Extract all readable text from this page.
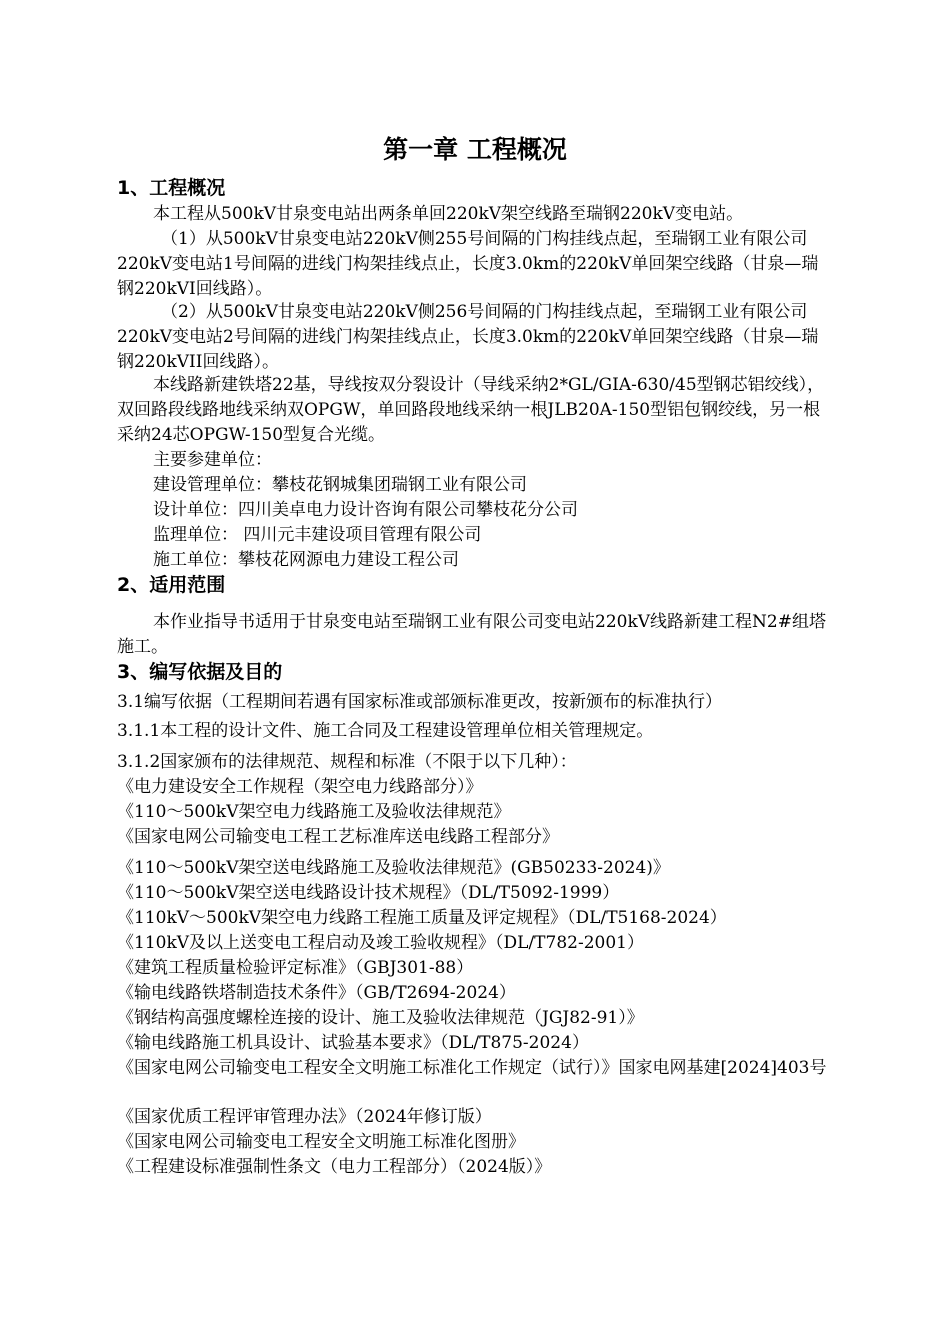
第一章 工程概况
1、工程概况

本工程从500kV甘泉变电站出两条单回220kV架空线路至瑞钢220kV变电站。

（1）从500kV甘泉变电站220kV侧255号间隔的门构挂线点起，至瑞钢工业有限公司220kV变电站1号间隔的进线门构架挂线点止，长度3.0km的220kV单回架空线路（甘泉—瑞钢220kVI回线路）。

（2）从500kV甘泉变电站220kV侧256号间隔的门构挂线点起，至瑞钢工业有限公司220kV变电站2号间隔的进线门构架挂线点止，长度3.0km的220kV单回架空线路（甘泉—瑞钢220kVII回线路）。

本线路新建铁塔22基，导线按双分裂设计（导线采纳2*GL/GIA-630/45型钢芯铝绞线），双回路段线路地线采纳双OPGW，单回路段地线采纳一根JLB20A-150型铝包钢绞线，另一根采纳24芯OPGW-150型复合光缆。

主要参建单位：

建设管理单位：攀枝花钢城集团瑞钢工业有限公司

设计单位：四川美卓电力设计咨询有限公司攀枝花分公司

监理单位： 四川元丰建设项目管理有限公司

施工单位：攀枝花网源电力建设工程公司

2、适用范围

本作业指导书适用于甘泉变电站至瑞钢工业有限公司变电站220kV线路新建工程N2#组塔施工。

3、编写依据及目的

3.1编写依据（工程期间若遇有国家标准或部颁标准更改，按新颁布的标准执行）

3.1.1本工程的设计文件、施工合同及工程建设管理单位相关管理规定。

3.1.2国家颁布的法律规范、规程和标准（不限于以下几种）：

《电力建设安全工作规程（架空电力线路部分）》

《110～500kV架空电力线路施工及验收法律规范》

《国家电网公司输变电工程工艺标准库送电线路工程部分》

《110～500kV架空送电线路施工及验收法律规范》(GB50233-2024)》

《110～500kV架空送电线路设计技术规程》（DL/T5092-1999）

《110kV～500kV架空电力线路工程施工质量及评定规程》（DL/T5168-2024）

《110kV及以上送变电工程启动及竣工验收规程》（DL/T782-2001）

《建筑工程质量检验评定标准》（GBJ301-88）

《输电线路铁塔制造技术条件》（GB/T2694-2024）

《钢结构高强度螺栓连接的设计、施工及验收法律规范（JGJ82-91）》

《输电线路施工机具设计、试验基本要求》（DL/T875-2024）

《国家电网公司输变电工程安全文明施工标准化工作规定（试行）》国家电网基建[2024]403号

《国家优质工程评审管理办法》（2024年修订版）

《国家电网公司输变电工程安全文明施工标准化图册》

《工程建设标准强制性条文（电力工程部分）（2024版）》
